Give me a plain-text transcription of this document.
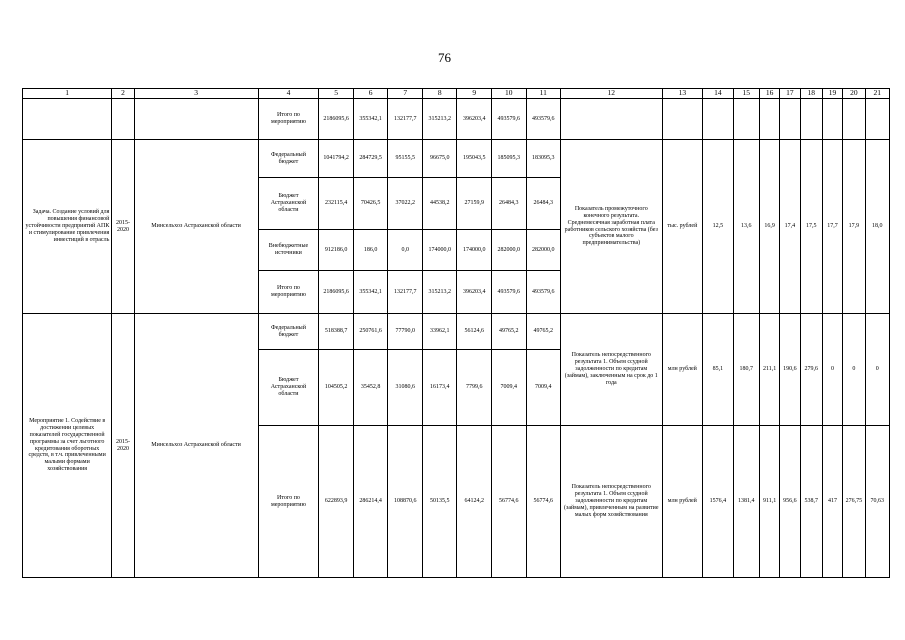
76
1	2	3	4	5	6	7	8	9	10	11	12	13	14	15	16	17	18	19	20	21
			Итого по мероприятию	2186095,6	355342,1	132177,7	315213,2	396203,4	493579,6	493579,6										
Задача. Создание условий для повышения финансовой устойчивости предприятий АПК и стимулирование привлечения инвестиций в отрасль	2015-2020	Минсельхоз Астраханской области	Федеральный бюджет	1041794,2	284729,5	95155,5	96675,0	195043,5	185095,3	183095,3	Показатель промежуточного конечного результата. Среднемесячная заработная плата работников сельского хозяйства (без субъектов малого предпринимательства)	тыс. рублей	12,5	13,6	16,9	17,4	17,5	17,7	17,9	18,0
			Бюджет Астраханской области	232115,4	70426,5	37022,2	44538,2	27159,9	26484,3	26484,3										
			Внебюджетные источники	912186,0	186,0	0,0	174000,0	174000,0	282000,0	282000,0										
			Итого по мероприятию	2186095,6	355342,1	132177,7	315213,2	396203,4	493579,6	493579,6										
Мероприятие 1. Содействие в достижении целевых показателей государственной программы за счет льготного кредитования оборотных средств, в т.ч. привлеченными малыми формами хозяйствования	2015-2020	Минсельхоз Астраханской области	Федеральный бюджет	518388,7	250761,6	77790,0	33962,1	56124,6	49765,2	49765,2	Показатель непосредственного результата 1. Объем ссудной задолженности по кредитам (займам), заключенным на срок до 1 года	млн рублей	85,1	180,7	211,1	190,6	279,6	0	0	0
			Бюджет Астраханской области	104505,2	35452,8	31080,6	16173,4	7799,6	7009,4	7009,4										
			Итого по мероприятию	622893,9	286214,4	108870,6	50135,5	64124,2	56774,6	56774,6	Показатель непосредственного результата 1. Объем ссудной задолженности по кредитам (займам), привлеченным на развитие малых форм хозяйствования	млн рублей	1576,4	1381,4	911,1	956,6	538,7	417	276,75	70,63
